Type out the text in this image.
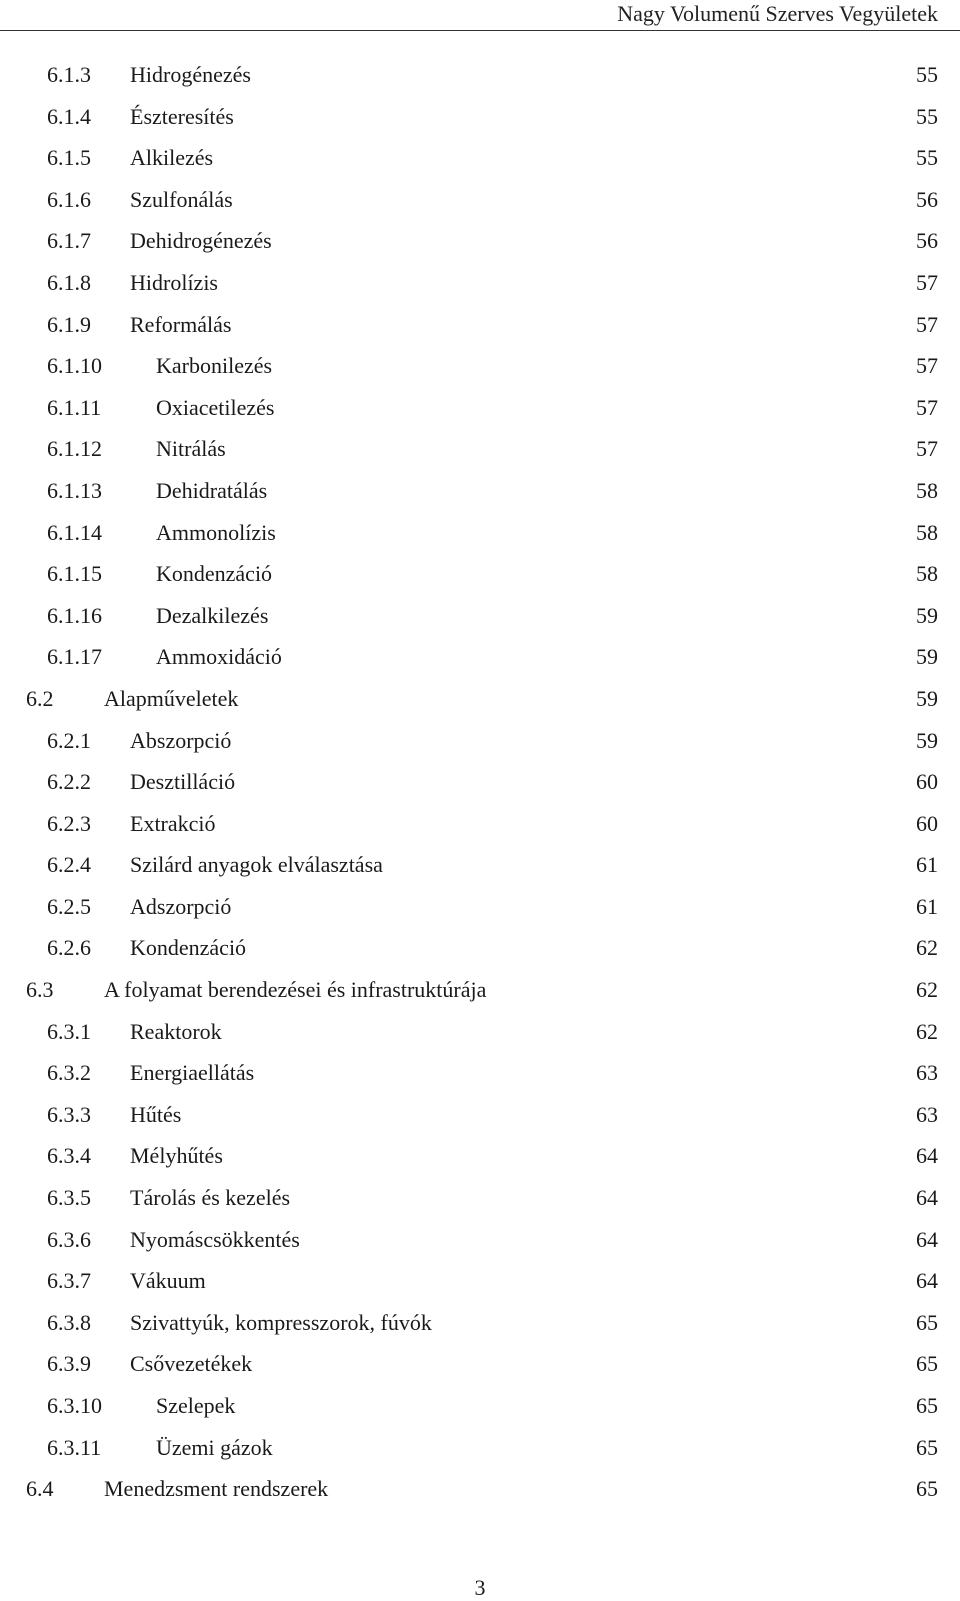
Nagy Volumenű Szerves Vegyületek
6.1.3 Hidrogénezés	55
6.1.4 Észteresítés	55
6.1.5 Alkilezés	55
6.1.6 Szulfonálás	56
6.1.7 Dehidrogénezés	56
6.1.8 Hidrolízis	57
6.1.9 Reformálás	57
6.1.10 Karbonilezés	57
6.1.11 Oxiacetilezés	57
6.1.12 Nitrálás	57
6.1.13 Dehidratálás	58
6.1.14 Ammonolízis	58
6.1.15 Kondenzáció	58
6.1.16 Dezalkilezés	59
6.1.17 Ammoxidáció	59
6.2 Alapműveletek	59
6.2.1 Abszorpció	59
6.2.2 Desztilláció	60
6.2.3 Extrakció	60
6.2.4 Szilárd anyagok elválasztása	61
6.2.5 Adszorpció	61
6.2.6 Kondenzáció	62
6.3 A folyamat berendezései és infrastruktúrája	62
6.3.1 Reaktorok	62
6.3.2 Energiaellátás	63
6.3.3 Hűtés	63
6.3.4 Mélyhűtés	64
6.3.5 Tárolás és kezelés	64
6.3.6 Nyomáscsökkentés	64
6.3.7 Vákuum	64
6.3.8 Szivattyúk, kompresszorok, fúvók	65
6.3.9 Csővezetékek	65
6.3.10 Szelepek	65
6.3.11 Üzemi gázok	65
6.4 Menedzsment rendszerek	65
3
